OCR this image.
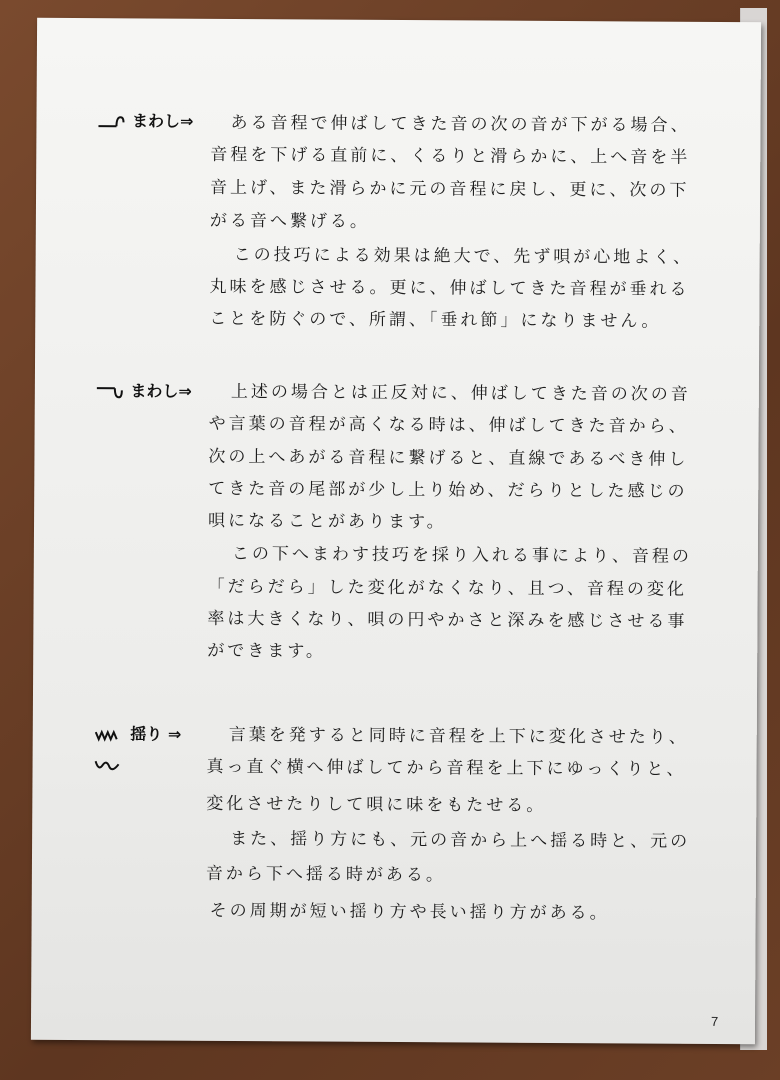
まわし⇒ ある音程で伸ばしてきた音の次の音が下がる場合、
音程を下げる直前に、くるりと滑らかに、上へ音を半
音上げ、また滑らかに元の音程に戻し、更に、次の下
がる音へ繋げる。
この技巧による効果は絶大で、先ず唄が心地よく、
丸味を感じさせる。更に、伸ばしてきた音程が垂れる
ことを防ぐので、所謂、「垂れ節」になりません。
まわし⇒ 上述の場合とは正反対に、伸ばしてきた音の次の音
や言葉の音程が高くなる時は、伸ばしてきた音から、
次の上へあがる音程に繋げると、直線であるべき伸し
てきた音の尾部が少し上り始め、だらりとした感じの
唄になることがあります。
この下へまわす技巧を採り入れる事により、音程の
「だらだら」した変化がなくなり、且つ、音程の変化
率は大きくなり、唄の円やかさと深みを感じさせる事
ができます。
揺り ⇒	言葉を発すると同時に音程を上下に変化させたり、
真っ直ぐ横へ伸ばしてから音程を上下にゆっくりと、
変化させたりして唄に味をもたせる。
また、揺り方にも、元の音から上へ揺る時と、元の
音から下へ揺る時がある。
その周期が短い揺り方や長い揺り方がある。
7
